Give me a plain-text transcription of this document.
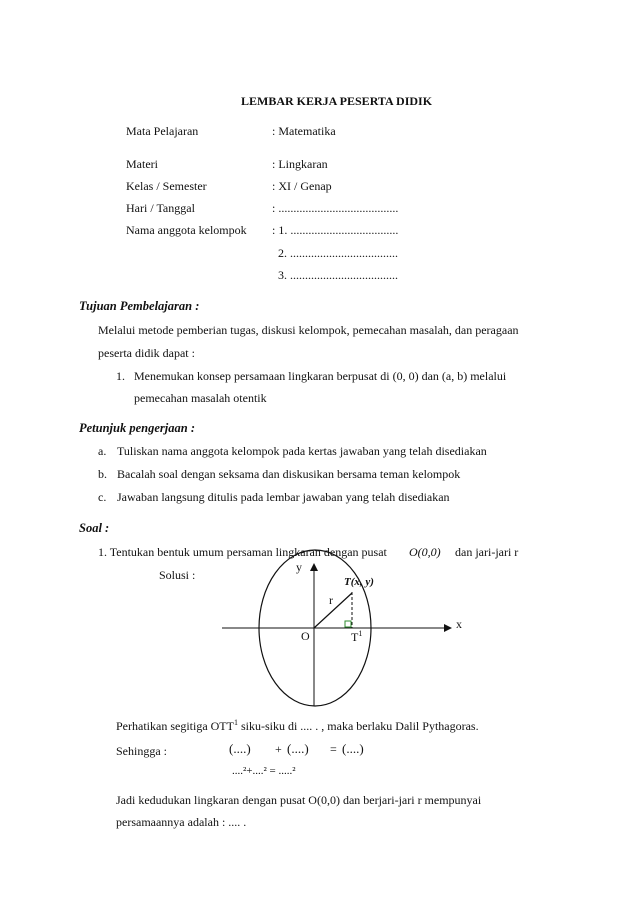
LEMBAR KERJA PESERTA DIDIK
Mata Pelajaran	: Matematika
Materi	: Lingkaran
Kelas / Semester	: XI / Genap
Hari / Tanggal	: ........................................
Nama anggota kelompok : 1. ....................................
2. ....................................
3. ....................................
Tujuan Pembelajaran :
Melalui metode pemberian tugas, diskusi kelompok, pemecahan masalah, dan peragaan
peserta didik dapat :
1. Menemukan konsep persamaan lingkaran berpusat di (0, 0) dan (a, b) melalui
pemecahan masalah otentik
Petunjuk pengerjaan :
a. Tuliskan nama anggota kelompok pada kertas jawaban yang telah disediakan
b. Bacalah soal dengan seksama dan diskusikan bersama teman kelompok
c. Jawaban langsung ditulis pada lembar jawaban yang telah disediakan
Soal :
1. Tentukan bentuk umum persaman lingkaran dengan pusat O(0,0) dan jari-jari r
Solusi :
y
x
r
O	$T^1$
T(x, y)
Perhatikan segitiga OTT$^1$ siku-siku di .... . , maka berlaku Dalil Pythagoras.
Sehingga :	(....) + (....) = (....)
....²+....² = .....²
Jadi kedudukan lingkaran dengan pusat O(0,0) dan berjari-jari r mempunyai
persamaannya adalah : .... .
